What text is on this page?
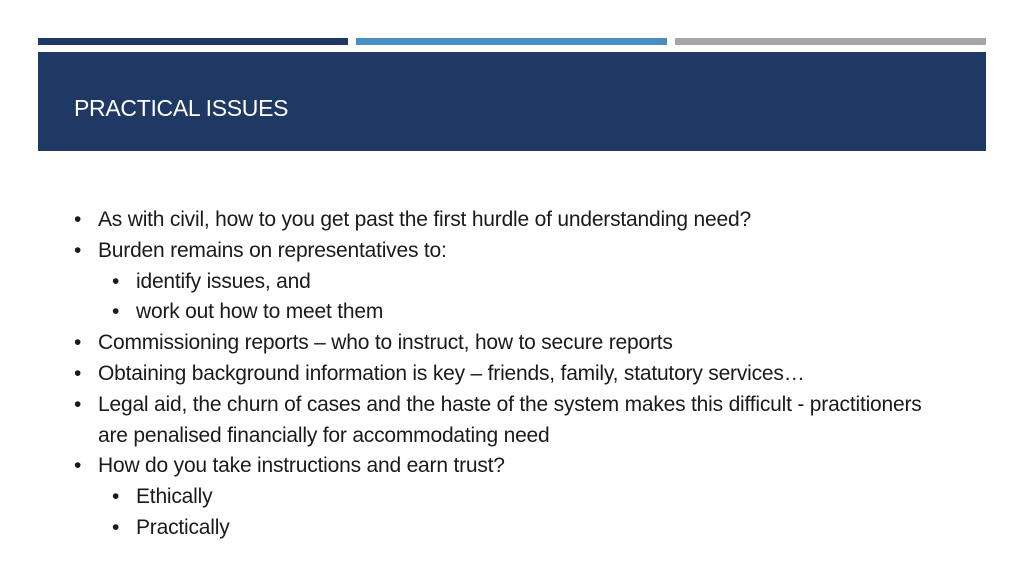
PRACTICAL ISSUES
• As with civil, how to you get past the first hurdle of understanding need?
• Burden remains on representatives to:
• identify issues, and
• work out how to meet them
• Commissioning reports – who to instruct, how to secure reports
• Obtaining background information is key – friends, family, statutory services…
• Legal aid, the churn of cases and the haste of the system makes this difficult - practitioners are penalised financially for accommodating need
• How do you take instructions and earn trust?
• Ethically
• Practically
